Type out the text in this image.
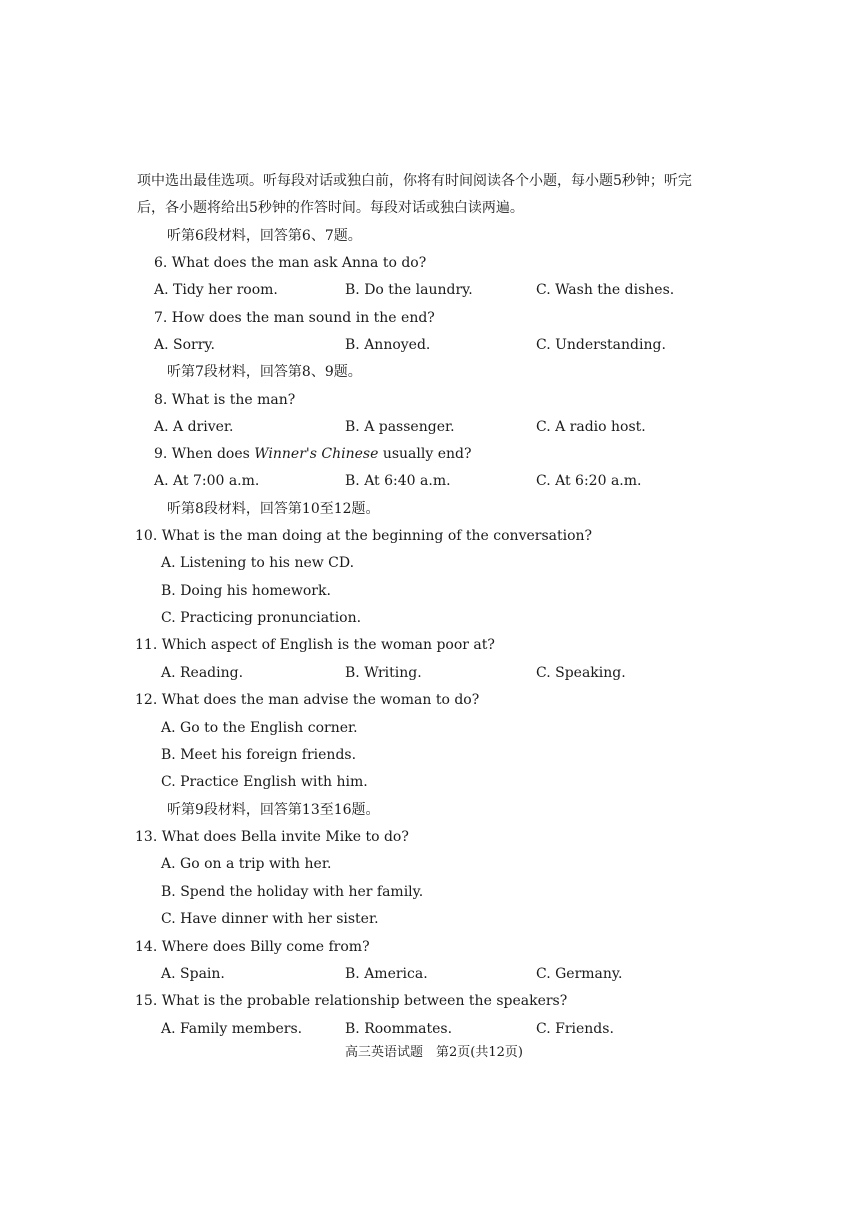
项中选出最佳选项。听每段对话或独白前，你将有时间阅读各个小题，每小题5秒钟；听完
后，各小题将给出5秒钟的作答时间。每段对话或独白读两遍。
听第6段材料，回答第6、7题。
6. What does the man ask Anna to do?
A. Tidy her room.	B. Do the laundry.	C. Wash the dishes.
7. How does the man sound in the end?
A. Sorry.	B. Annoyed.	C. Understanding.
听第7段材料，回答第8、9题。
8. What is the man?
A. A driver.	B. A passenger.	C. A radio host.
9. When does Winner's Chinese usually end?
A. At 7:00 a.m.	B. At 6:40 a.m.	C. At 6:20 a.m.
听第8段材料，回答第10至12题。
10. What is the man doing at the beginning of the conversation?
A. Listening to his new CD.
B. Doing his homework.
C. Practicing pronunciation.
11. Which aspect of English is the woman poor at?
A. Reading.	B. Writing.	C. Speaking.
12. What does the man advise the woman to do?
A. Go to the English corner.
B. Meet his foreign friends.
C. Practice English with him.
听第9段材料，回答第13至16题。
13. What does Bella invite Mike to do?
A. Go on a trip with her.
B. Spend the holiday with her family.
C. Have dinner with her sister.
14. Where does Billy come from?
A. Spain.	B. America.	C. Germany.
15. What is the probable relationship between the speakers?
A. Family members.	B. Roommates.	C. Friends.
高三英语试题　第2页(共12页)
